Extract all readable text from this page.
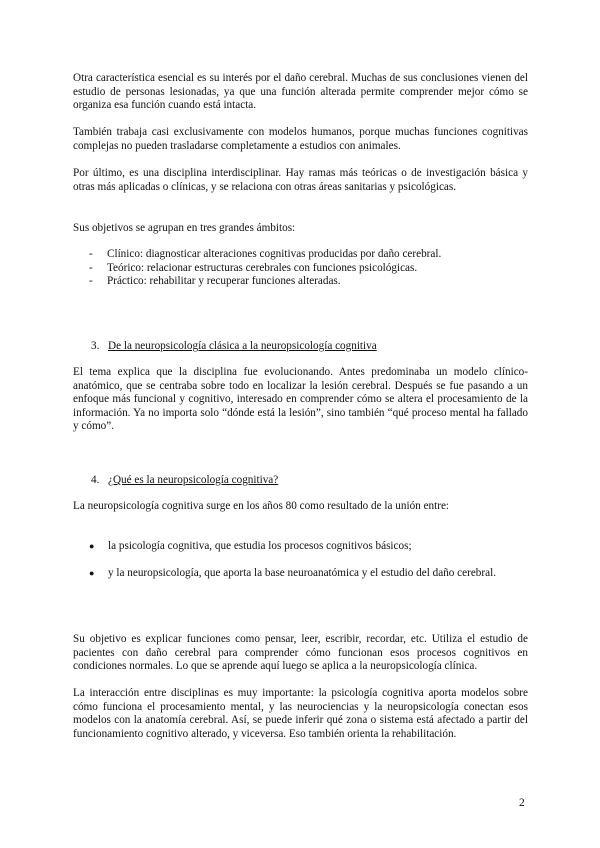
Otra característica esencial es su interés por el daño cerebral. Muchas de sus conclusiones vienen del estudio de personas lesionadas, ya que una función alterada permite comprender mejor cómo se organiza esa función cuando está intacta.

También trabaja casi exclusivamente con modelos humanos, porque muchas funciones cognitivas complejas no pueden trasladarse completamente a estudios con animales.

Por último, es una disciplina interdisciplinar. Hay ramas más teóricas o de investigación básica y otras más aplicadas o clínicas, y se relaciona con otras áreas sanitarias y psicológicas.

Sus objetivos se agrupan en tres grandes ámbitos:

- Clínico: diagnosticar alteraciones cognitivas producidas por daño cerebral.
- Teórico: relacionar estructuras cerebrales con funciones psicológicas.
- Práctico: rehabilitar y recuperar funciones alteradas.
3. De la neuropsicología clásica a la neuropsicología cognitiva

El tema explica que la disciplina fue evolucionando. Antes predominaba un modelo clínico-anatómico, que se centraba sobre todo en localizar la lesión cerebral. Después se fue pasando a un enfoque más funcional y cognitivo, interesado en comprender cómo se altera el procesamiento de la información. Ya no importa solo “dónde está la lesión”, sino también “qué proceso mental ha fallado y cómo”.

4. ¿Qué es la neuropsicología cognitiva?

La neuropsicología cognitiva surge en los años 80 como resultado de la unión entre:

● la psicología cognitiva, que estudia los procesos cognitivos básicos;
● y la neuropsicología, que aporta la base neuroanatómica y el estudio del daño cerebral.

Su objetivo es explicar funciones como pensar, leer, escribir, recordar, etc. Utiliza el estudio de pacientes con daño cerebral para comprender cómo funcionan esos procesos cognitivos en condiciones normales. Lo que se aprende aquí luego se aplica a la neuropsicología clínica.

La interacción entre disciplinas es muy importante: la psicología cognitiva aporta modelos sobre cómo funciona el procesamiento mental, y las neurociencias y la neuropsicología conectan esos modelos con la anatomía cerebral. Así, se puede inferir qué zona o sistema está afectado a partir del funcionamiento cognitivo alterado, y viceversa. Eso también orienta la rehabilitación.

2
